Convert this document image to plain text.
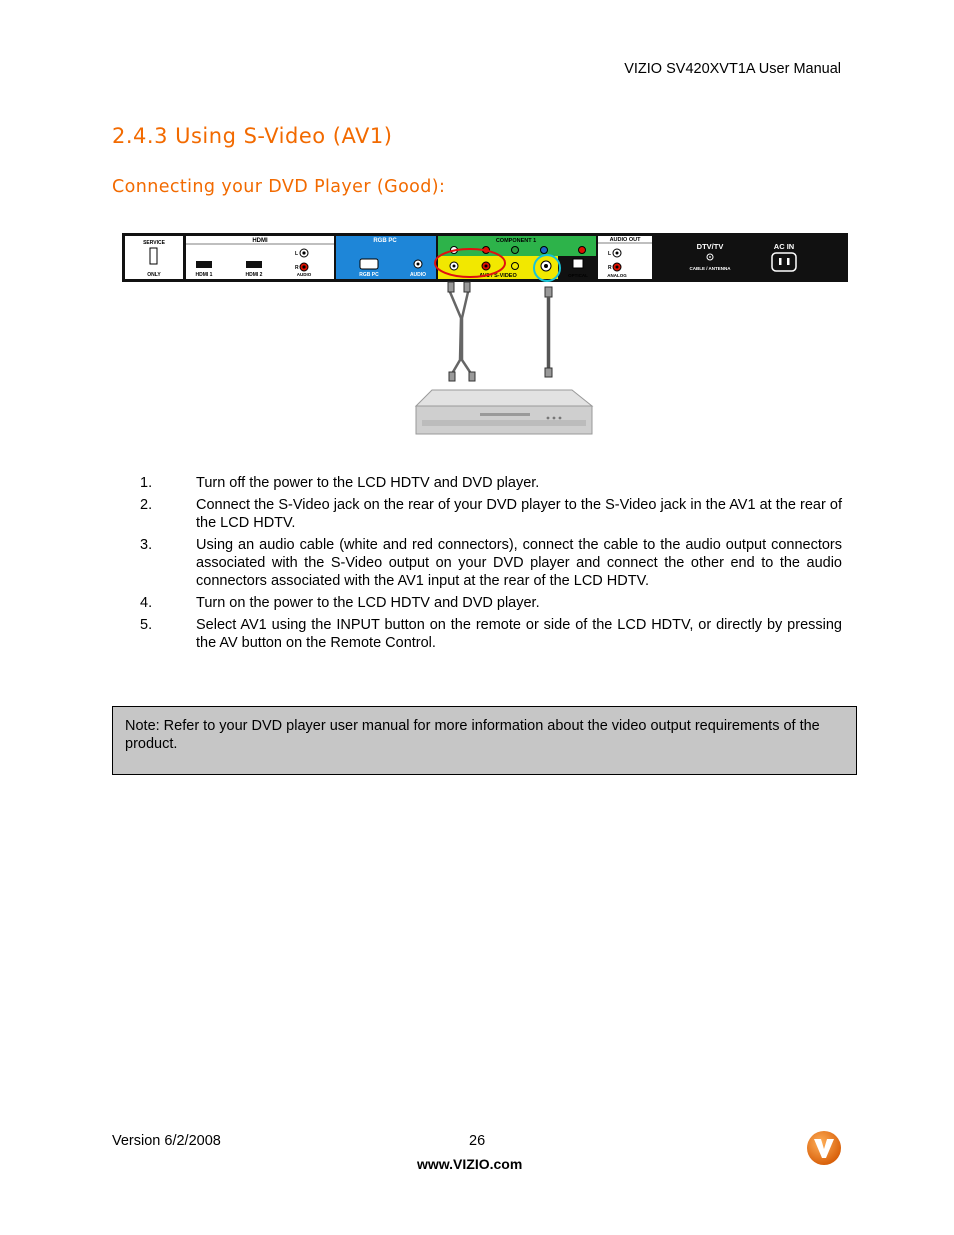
VIZIO SV420XVT1A User Manual
2.4.3 Using S-Video (AV1)
Connecting your DVD Player (Good):
SERVICE
ONLY
HDMI
HDMI 1	HDMI 2
L
R
AUDIO
RGB PC
RGB PC	AUDIO
COMPONENT 1
AV1 / S-VIDEO
AUDIO OUT
OPTICAL
L
R
ANALOG
DTV/TV
CABLE / ANTENNA
AC IN
1.	Turn off the power to the LCD HDTV and DVD player.
2.	Connect the S-Video jack on the rear of your DVD player to the S-Video jack in the AV1 at the rear of the LCD HDTV.
3.	Using an audio cable (white and red connectors), connect the cable to the audio output connectors associated with the S-Video output on your DVD player and connect the other end to the audio connectors associated with the AV1 input at the rear of the LCD HDTV.
4.	Turn on the power to the LCD HDTV and DVD player.
5.	Select AV1 using the INPUT button on the remote or side of the LCD HDTV, or directly by pressing the AV button on the Remote Control.
Note: Refer to your DVD player user manual for more information about the video output requirements of the product.
Version 6/2/2008	26
www.VIZIO.com
